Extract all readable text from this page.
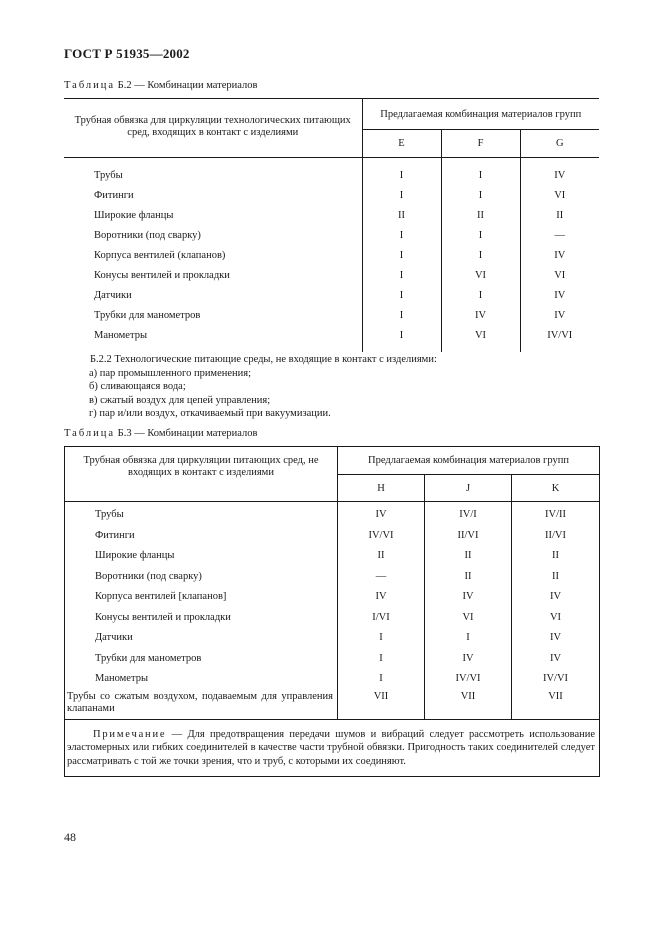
ГОСТ Р 51935—2002
Таблица Б.2 — Комбинации материалов
Трубная обвязка для циркуляции технологических питающих сред, входящих в контакт с изделиями	Предлагаемая комбинация материалов групп		
	E	F	G

Трубы	I	I	IV
Фитинги	I	I	VI
Широкие фланцы	II	II	II
Воротники (под сварку)	I	I	—
Корпуса вентилей (клапанов)	I	I	IV
Конусы вентилей и прокладки	I	VI	VI
Датчики	I	I	IV
Трубки для манометров	I	IV	IV
Манометры	I	VI	IV/VI

Б.2.2 Технологические питающие среды, не входящие в контакт с изделиями:
а) пар промышленного применения;
б) сливающаяся вода;
в) сжатый воздух для цепей управления;
г) пар и/или воздух, откачиваемый при вакуумизации.
Таблица Б.3 — Комбинации материалов
Трубная обвязка для циркуляции питающих сред, не входящих в контакт с изделиями	Предлагаемая комбинация материалов групп		
	H	J	K

Трубы	IV	IV/I	IV/II
Фитинги	IV/VI	II/VI	II/VI
Широкие фланцы	II	II	II
Воротники (под сварку)	—	II	II
Корпуса вентилей [клапанов]	IV	IV	IV
Конусы вентилей и прокладки	I/VI	VI	VI
Датчики	I	I	IV
Трубки для манометров	I	IV	IV
Манометры	I	IV/VI	IV/VI
Трубы со сжатым воздухом, подаваемым для управления клапанами	VII	VII	VII

Примечание — Для предотвращения передачи шумов и вибраций следует рассмотреть использование эластомерных или гибких соединителей в качестве части трубной обвязки. Пригодность таких соединителей следует рассматривать с той же точки зрения, что и труб, с которыми их соединяют.			
48
